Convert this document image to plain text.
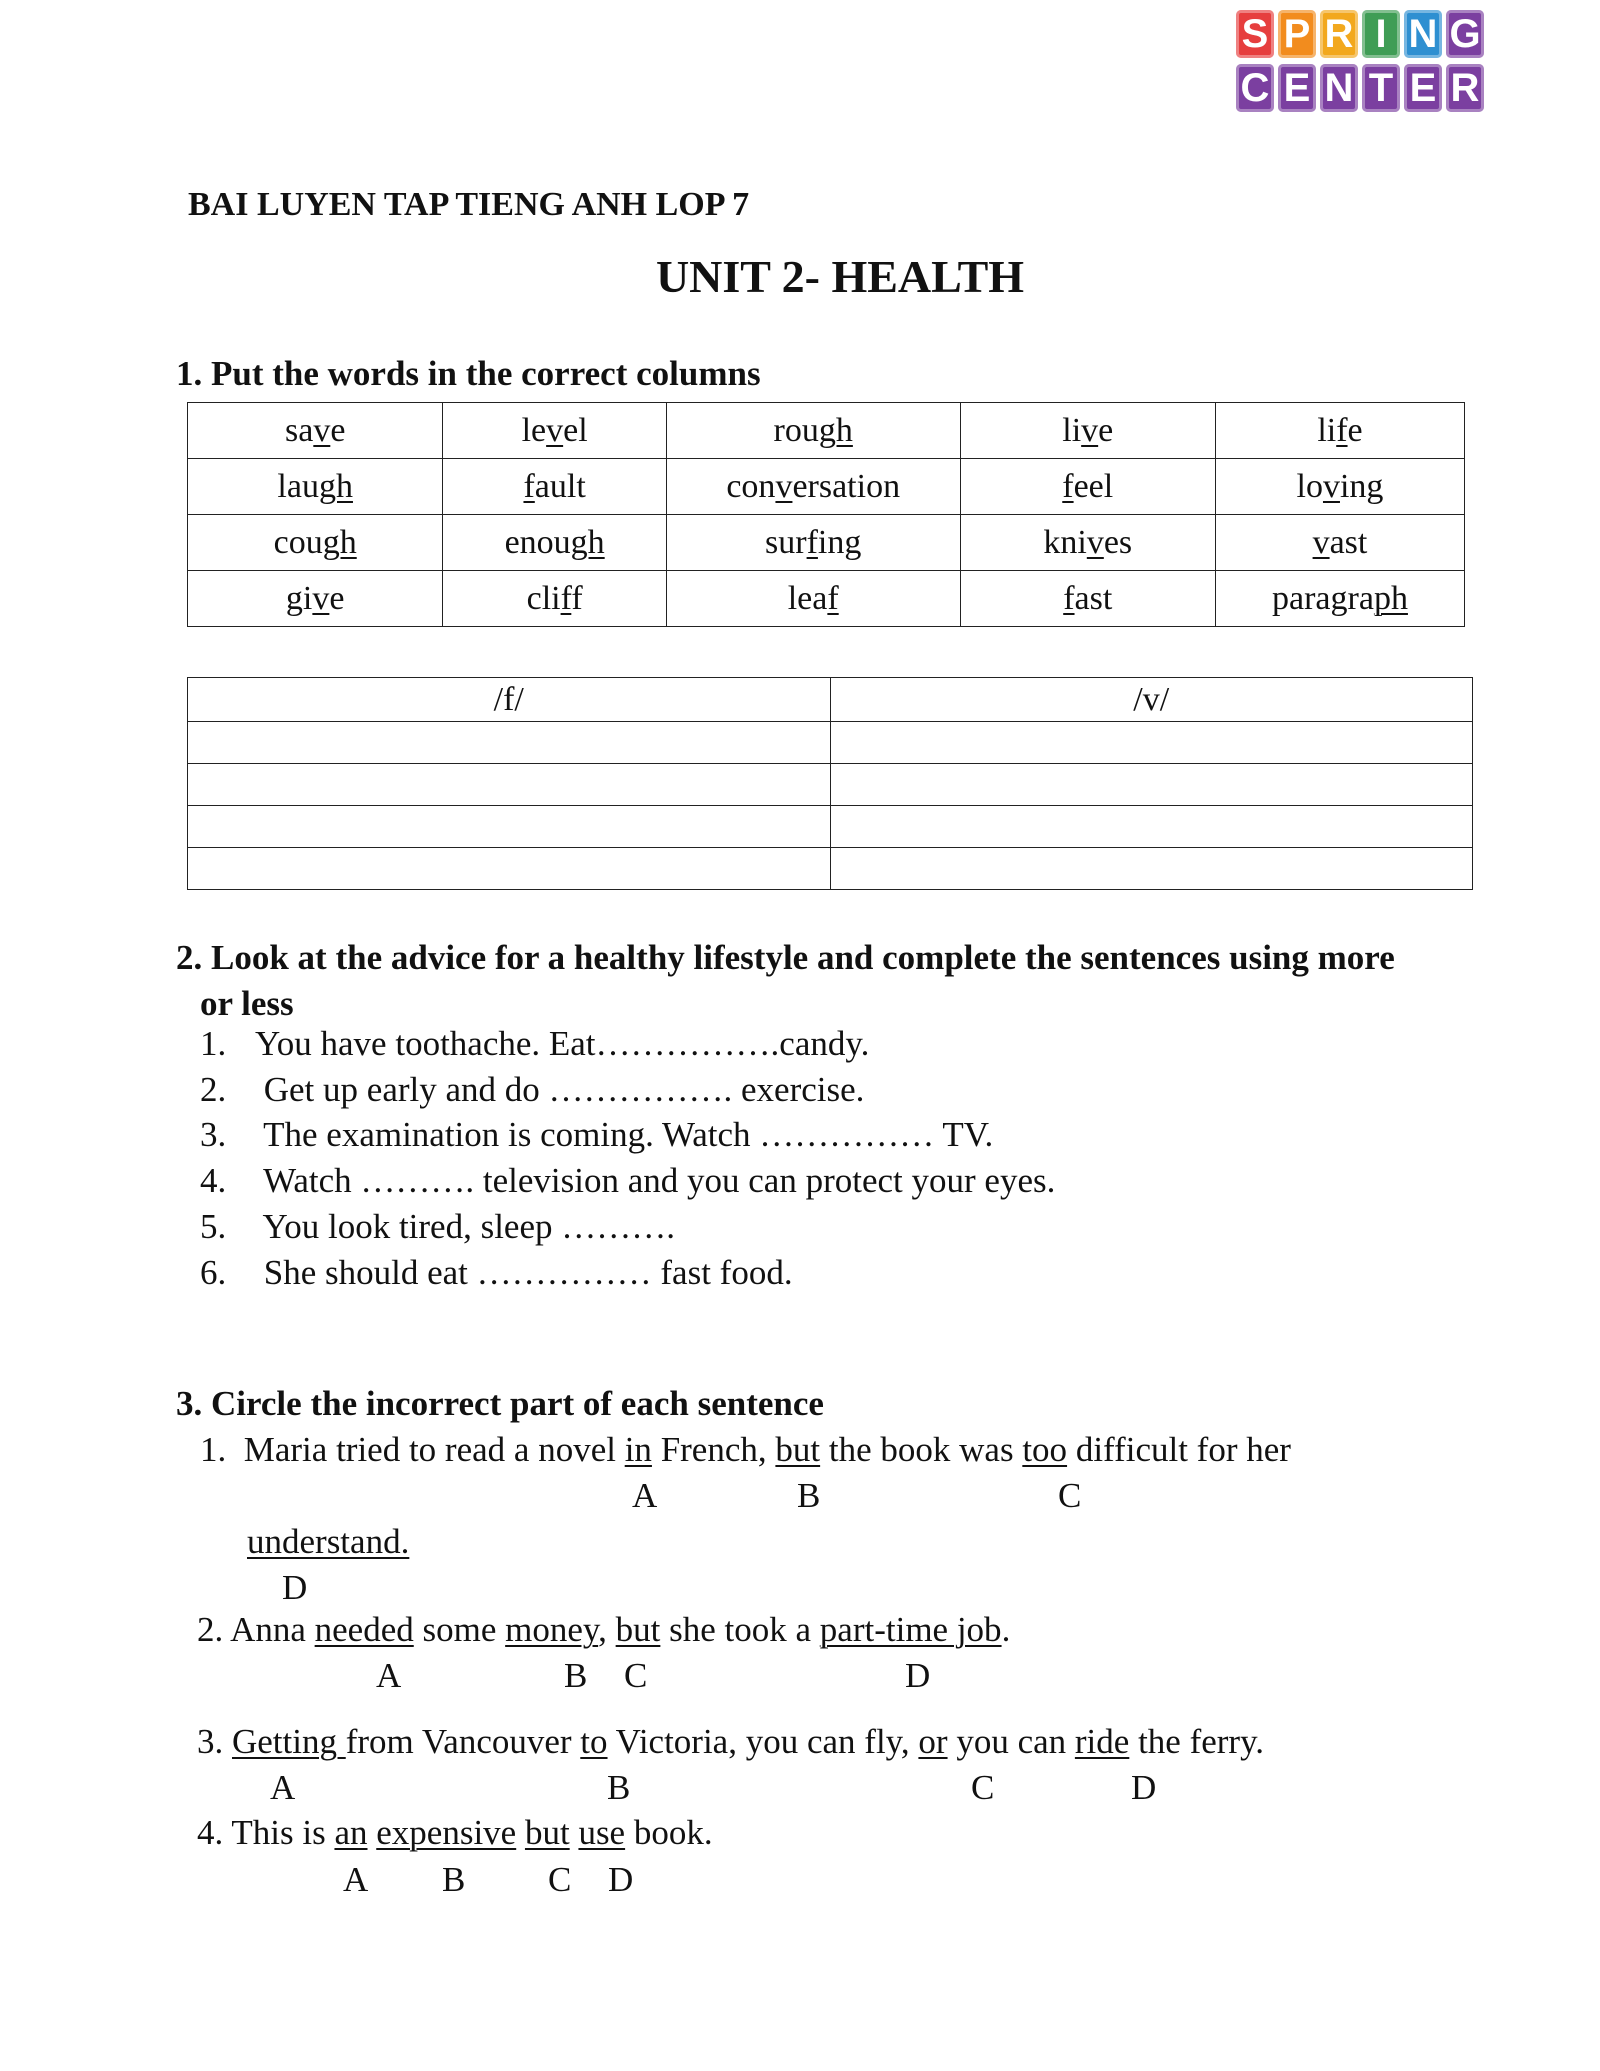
S P R I N G
C E N T E R
BAI LUYEN TAP TIENG ANH LOP 7
UNIT 2- HEALTH
1. Put the words in the correct columns
save	level	rough	live	life
laugh	fault	conversation	feel	loving
cough	enough	surfing	knives	vast
give	cliff	leaf	fast	paragraph
/f/	/v/

2. Look at the advice for a healthy lifestyle and complete the sentences using more
or less
1. You have toothache. Eat…………….candy.
2. Get up early and do ……………. exercise.
3. The examination is coming. Watch …………… TV.
4. Watch ………. television and you can protect your eyes.
5. You look tired, sleep ……….
6. She should eat …………… fast food.
3. Circle the incorrect part of each sentence
1. Maria tried to read a novel in French, but the book was too difficult for her
A	B	C
understand.
D
2. Anna needed some money, but she took a part-time job.
A	B C	D
3. Getting from Vancouver to Victoria, you can fly, or you can ride the ferry.
A	B	C	D
4. This is an expensive but use book.
A B C D
